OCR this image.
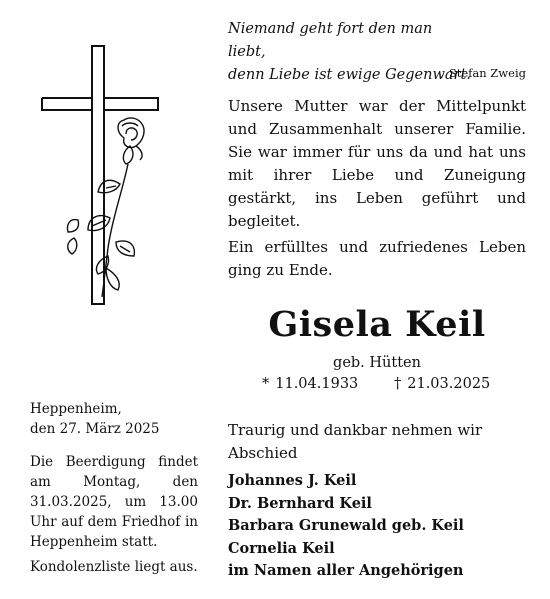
Niemand geht fort den man liebt,
denn Liebe ist ewige Gegenwart.
Stefan Zweig
Unsere Mutter war der Mittelpunkt und Zusammenhalt unserer Familie. Sie war immer für uns da und hat uns mit ihrer Liebe und Zuneigung gestärkt, ins Leben geführt und begleitet.
Ein erfülltes und zufriedenes Leben ging zu Ende.
Gisela Keil
geb. Hütten
* 11.04.1933 † 21.03.2025
Traurig und dankbar nehmen wir Abschied
Johannes J. Keil
Dr. Bernhard Keil
Barbara Grunewald geb. Keil
Cornelia Keil
im Namen aller Angehörigen
Heppenheim,
den 27. März 2025
Die Beerdigung findet am Montag, den 31.03.2025, um 13.00 Uhr auf dem Friedhof in Heppenheim statt.
Kondolenzliste liegt aus.
